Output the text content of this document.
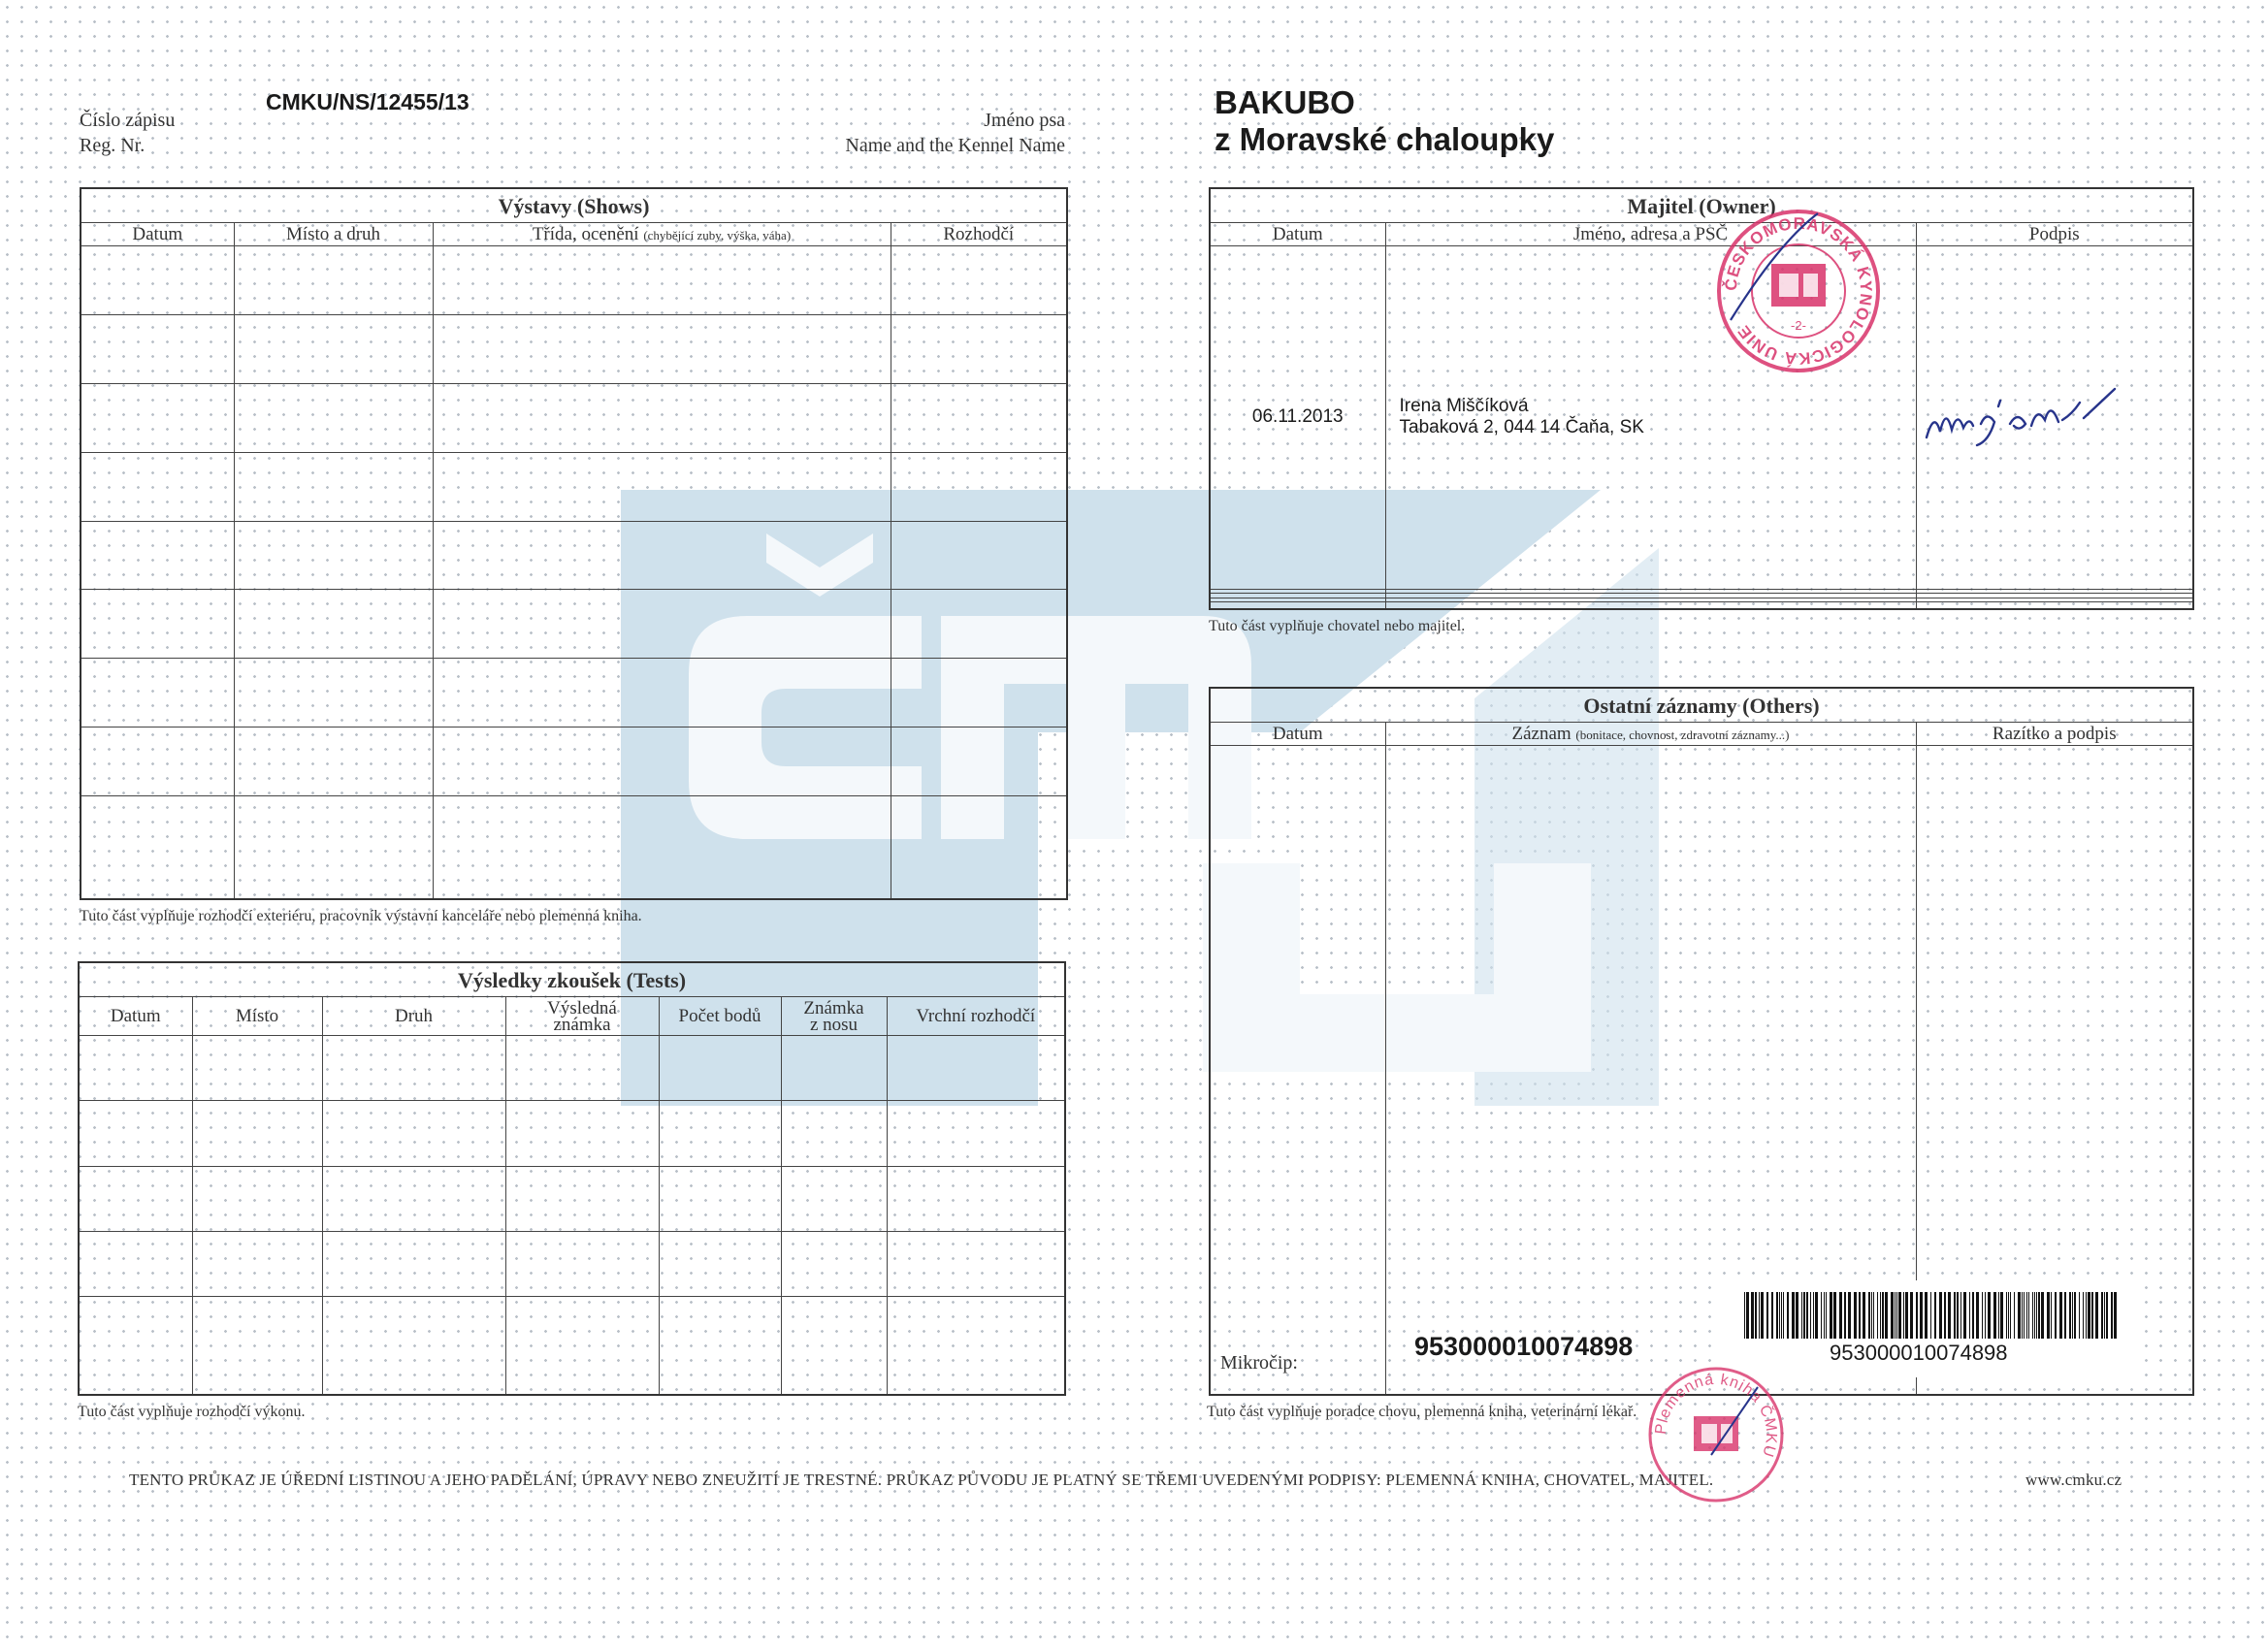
Číslo zápisu
Reg. Nr.
CMKU/NS/12455/13
Jméno psa
Name and the Kennel Name
BAKUBO
z Moravské chaloupky
Výstavy (Shows)			
Datum	Místo a druh	Třída, ocenění (chybějící zuby, výška, váha)	Rozhodčí

Tuto část vyplňuje rozhodčí exteriéru, pracovník výstavní kanceláře nebo plemenná kniha.
Výsledky zkoušek (Tests)						
Datum	Místo	Druh	Výsledná známka	Počet bodů	Známka z nosu	Vrchní rozhodčí

Tuto část vyplňuje rozhodčí výkonu.
Majitel (Owner)		
Datum	Jméno, adresa a PSČ	Podpis
06.11.2013	Irena Miščíková
Tabaková 2, 044 14 Čaňa, SK

Tuto část vyplňuje chovatel nebo majitel.
Ostatní záznamy (Others)		
Datum	Záznam (bonitace, chovnost, zdravotní záznamy...)	Razítko a podpis

Mikročip:
953000010074898	953000010074898
Tuto část vyplňuje poradce chovu, plemenná kniha, veterinární lékař.
ČESKOMORAVSKÁ KYNOLOGICKÁ UNIE	-2-
Plemenná kniha ČMKU
TENTO PRŮKAZ JE ÚŘEDNÍ LISTINOU A JEHO PADĚLÁNÍ, ÚPRAVY NEBO ZNEUŽITÍ JE TRESTNÉ. PRŮKAZ PŮVODU JE PLATNÝ SE TŘEMI UVEDENÝMI PODPISY: PLEMENNÁ KNIHA, CHOVATEL, MAJITEL.	www.cmku.cz
